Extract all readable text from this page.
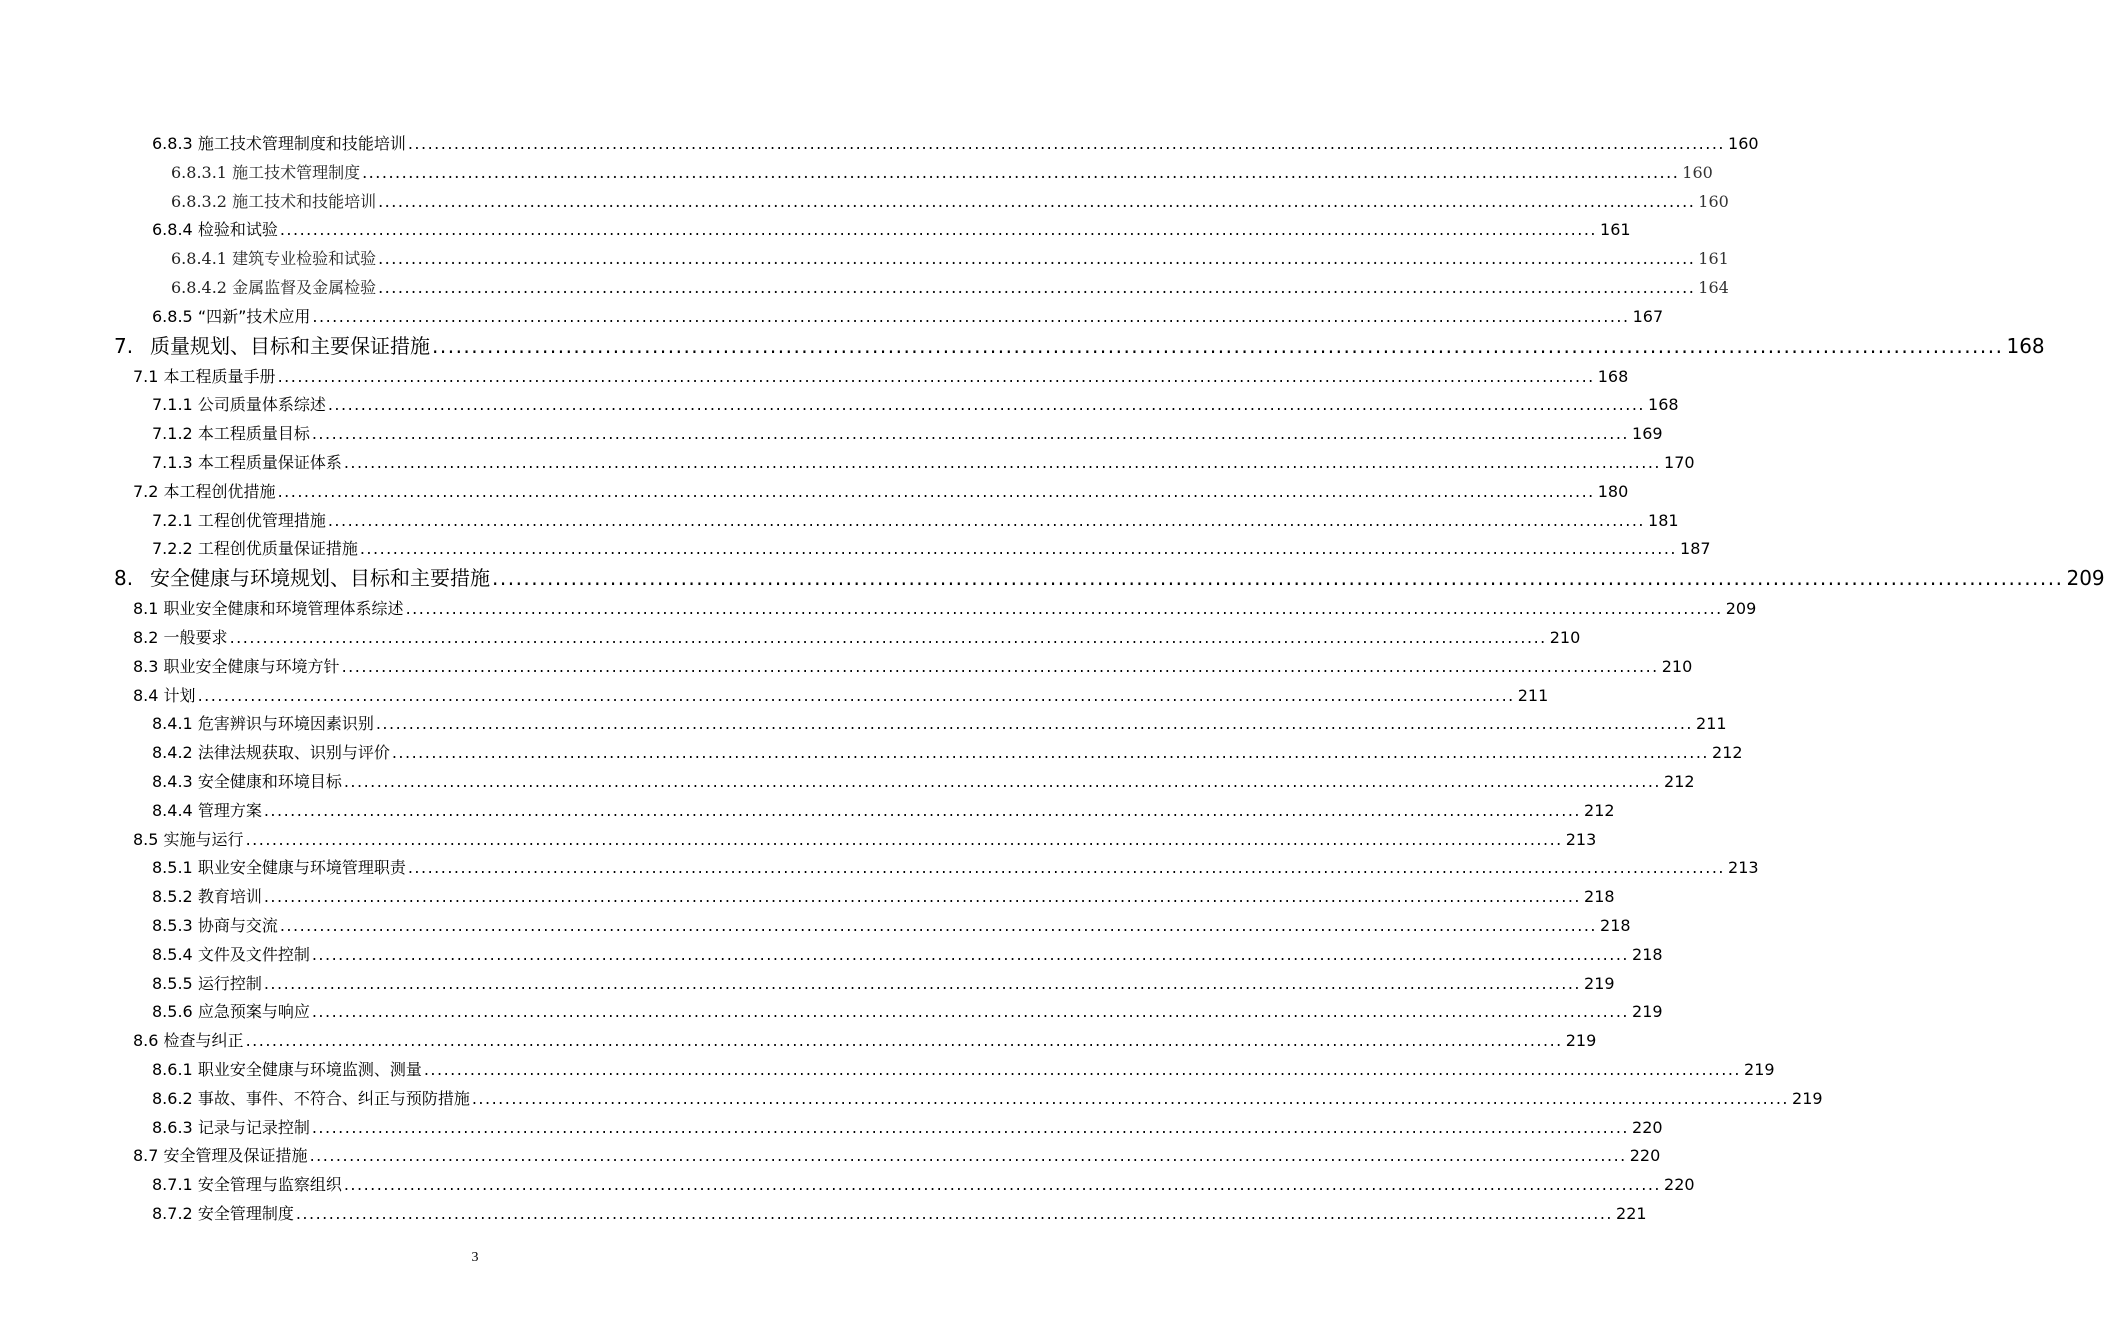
6.8.3 施工技术管理制度和技能培训 ........................................................................................................................................................................................................ 160
6.8.3.1 施工技术管理制度 ........................................................................................................................................................................................................ 160
6.8.3.2 施工技术和技能培训 ........................................................................................................................................................................................................ 160
6.8.4 检验和试验 ........................................................................................................................................................................................................ 161
6.8.4.1 建筑专业检验和试验 ........................................................................................................................................................................................................ 161
6.8.4.2 金属监督及金属检验 ........................................................................................................................................................................................................ 164
6.8.5 “四新”技术应用 ........................................................................................................................................................................................................ 167
7. 质量规划、目标和主要保证措施 ........................................................................................................................................................................................................ 168
7.1 本工程质量手册 ........................................................................................................................................................................................................ 168
7.1.1 公司质量体系综述 ........................................................................................................................................................................................................ 168
7.1.2 本工程质量目标 ........................................................................................................................................................................................................ 169
7.1.3 本工程质量保证体系 ........................................................................................................................................................................................................ 170
7.2 本工程创优措施 ........................................................................................................................................................................................................ 180
7.2.1 工程创优管理措施 ........................................................................................................................................................................................................ 181
7.2.2 工程创优质量保证措施 ........................................................................................................................................................................................................ 187
8. 安全健康与环境规划、目标和主要措施 ........................................................................................................................................................................................................ 209
8.1 职业安全健康和环境管理体系综述 ........................................................................................................................................................................................................ 209
8.2 一般要求 ........................................................................................................................................................................................................ 210
8.3 职业安全健康与环境方针 ........................................................................................................................................................................................................ 210
8.4 计划 ........................................................................................................................................................................................................ 211
8.4.1 危害辨识与环境因素识别 ........................................................................................................................................................................................................ 211
8.4.2 法律法规获取、识别与评价 ........................................................................................................................................................................................................ 212
8.4.3 安全健康和环境目标 ........................................................................................................................................................................................................ 212
8.4.4 管理方案 ........................................................................................................................................................................................................ 212
8.5 实施与运行 ........................................................................................................................................................................................................ 213
8.5.1 职业安全健康与环境管理职责 ........................................................................................................................................................................................................ 213
8.5.2 教育培训 ........................................................................................................................................................................................................ 218
8.5.3 协商与交流 ........................................................................................................................................................................................................ 218
8.5.4 文件及文件控制 ........................................................................................................................................................................................................ 218
8.5.5 运行控制 ........................................................................................................................................................................................................ 219
8.5.6 应急预案与响应 ........................................................................................................................................................................................................ 219
8.6 检查与纠正 ........................................................................................................................................................................................................ 219
8.6.1 职业安全健康与环境监测、测量 ........................................................................................................................................................................................................ 219
8.6.2 事故、事件、不符合、纠正与预防措施 ........................................................................................................................................................................................................ 219
8.6.3 记录与记录控制 ........................................................................................................................................................................................................ 220
8.7 安全管理及保证措施 ........................................................................................................................................................................................................ 220
8.7.1 安全管理与监察组织 ........................................................................................................................................................................................................ 220
8.7.2 安全管理制度 ........................................................................................................................................................................................................ 221
3
